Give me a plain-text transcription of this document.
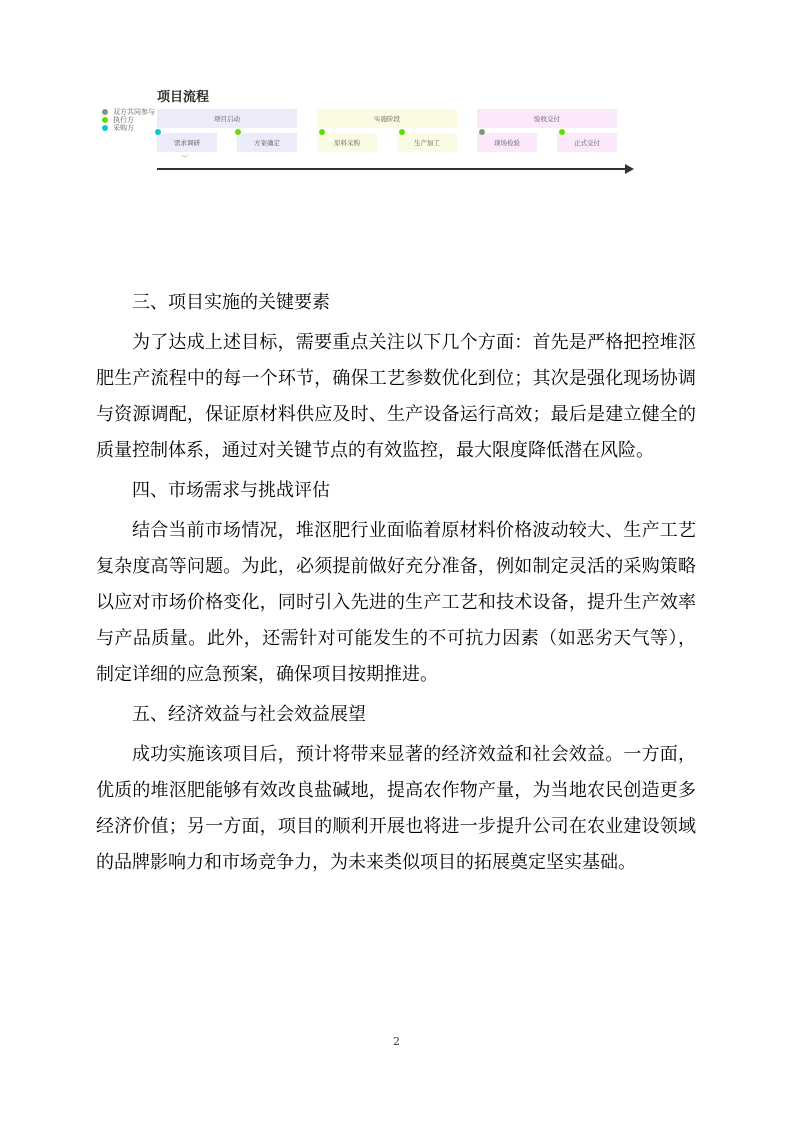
项目流程
双方共同参与
执行方
采购方
项目启动	实施阶段	验收交付
需求调研	方案确定	原料采购	生产加工	现场检验	正式交付

三、项目实施的关键要素

为了达成上述目标，需要重点关注以下几个方面：首先是严格把控堆沤肥生产流程中的每一个环节，确保工艺参数优化到位；其次是强化现场协调与资源调配，保证原材料供应及时、生产设备运行高效；最后是建立健全的质量控制体系，通过对关键节点的有效监控，最大限度降低潜在风险。

四、市场需求与挑战评估

结合当前市场情况，堆沤肥行业面临着原材料价格波动较大、生产工艺复杂度高等问题。为此，必须提前做好充分准备，例如制定灵活的采购策略以应对市场价格变化，同时引入先进的生产工艺和技术设备，提升生产效率与产品质量。此外，还需针对可能发生的不可抗力因素（如恶劣天气等），制定详细的应急预案，确保项目按期推进。

五、经济效益与社会效益展望

成功实施该项目后，预计将带来显著的经济效益和社会效益。一方面，优质的堆沤肥能够有效改良盐碱地，提高农作物产量，为当地农民创造更多经济价值；另一方面，项目的顺利开展也将进一步提升公司在农业建设领域的品牌影响力和市场竞争力，为未来类似项目的拓展奠定坚实基础。

2
